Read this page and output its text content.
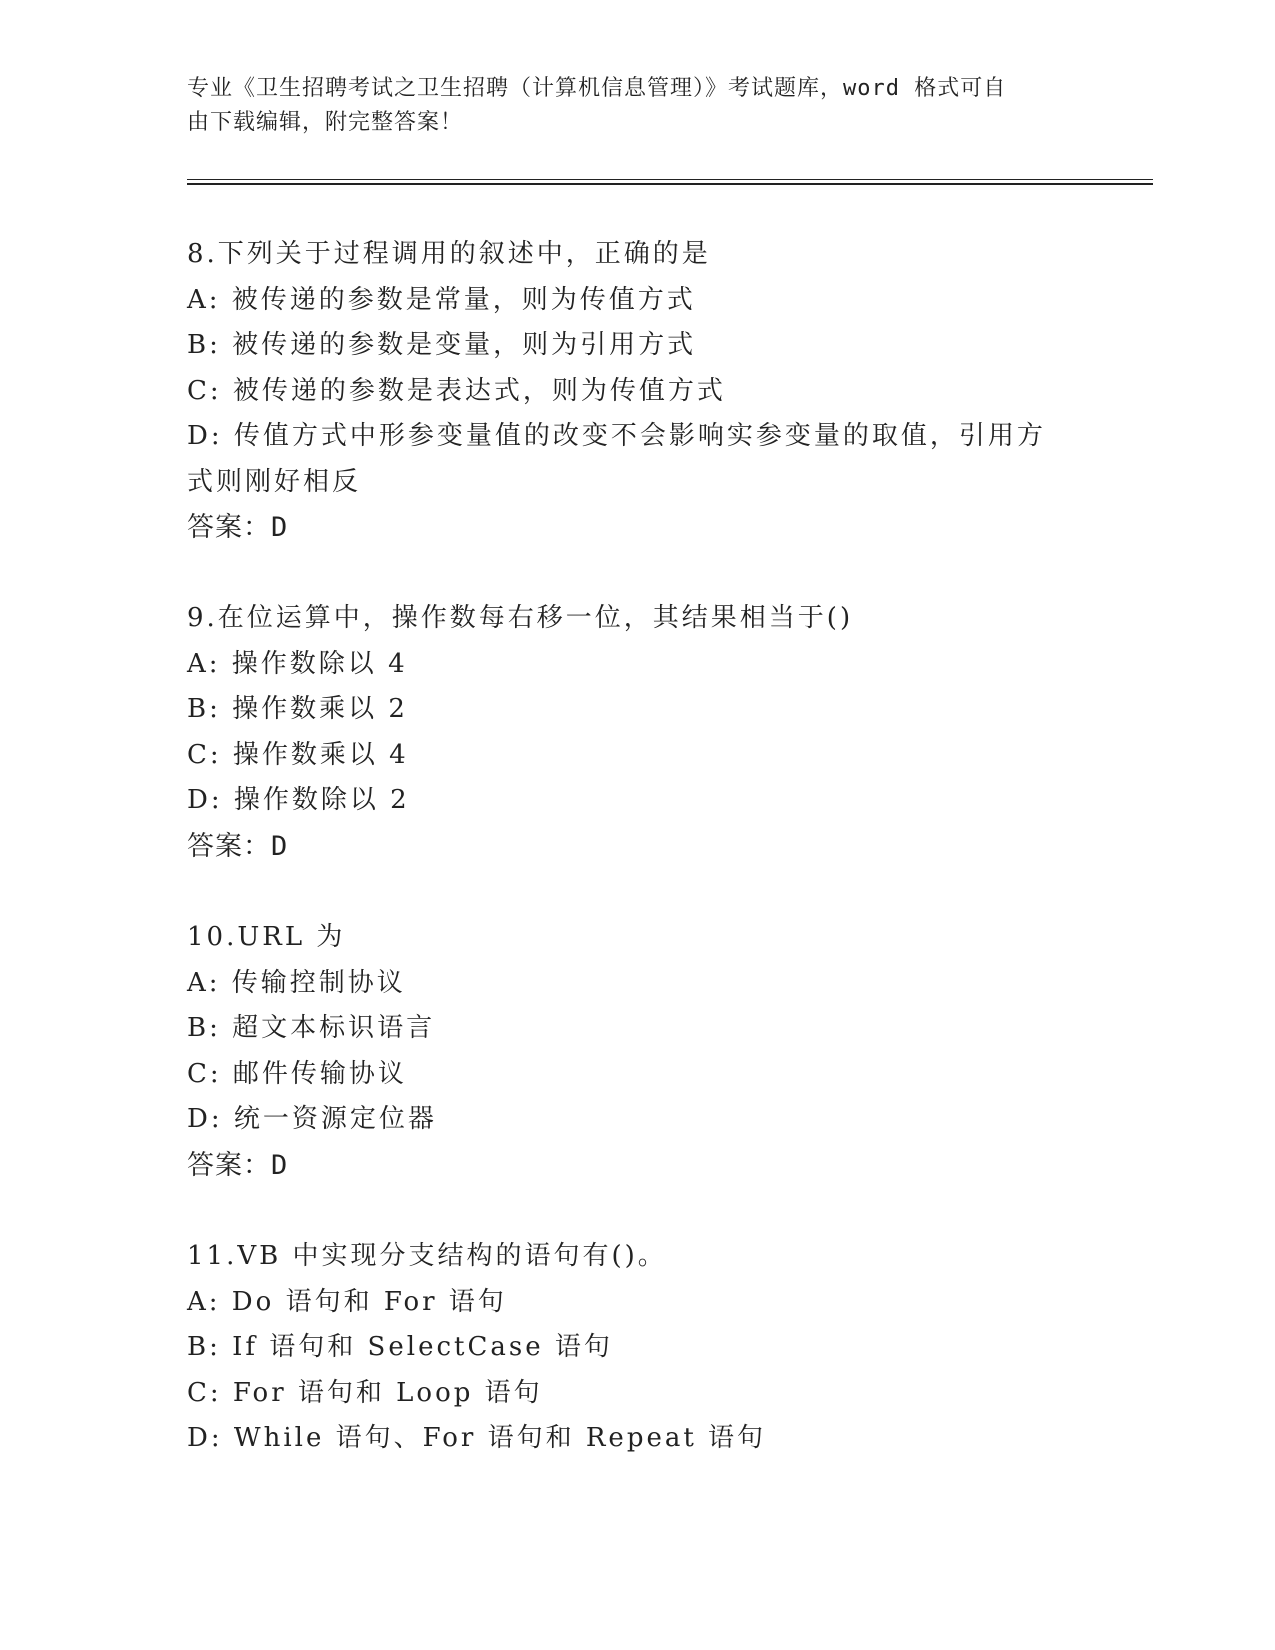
专业《卫生招聘考试之卫生招聘（计算机信息管理）》考试题库，word 格式可自
由下载编辑，附完整答案！
8.下列关于过程调用的叙述中，正确的是
A: 被传递的参数是常量，则为传值方式
B: 被传递的参数是变量，则为引用方式
C: 被传递的参数是表达式，则为传值方式
D: 传值方式中形参变量值的改变不会影响实参变量的取值，引用方式则刚好相反
答案：D
9.在位运算中，操作数每右移一位，其结果相当于()
A: 操作数除以 4
B: 操作数乘以 2
C: 操作数乘以 4
D: 操作数除以 2
答案：D
10.URL 为
A: 传输控制协议
B: 超文本标识语言
C: 邮件传输协议
D: 统一资源定位器
答案：D
11.VB 中实现分支结构的语句有()。
A: Do 语句和 For 语句
B: If 语句和 SelectCase 语句
C: For 语句和 Loop 语句
D: While 语句、For 语句和 Repeat 语句
